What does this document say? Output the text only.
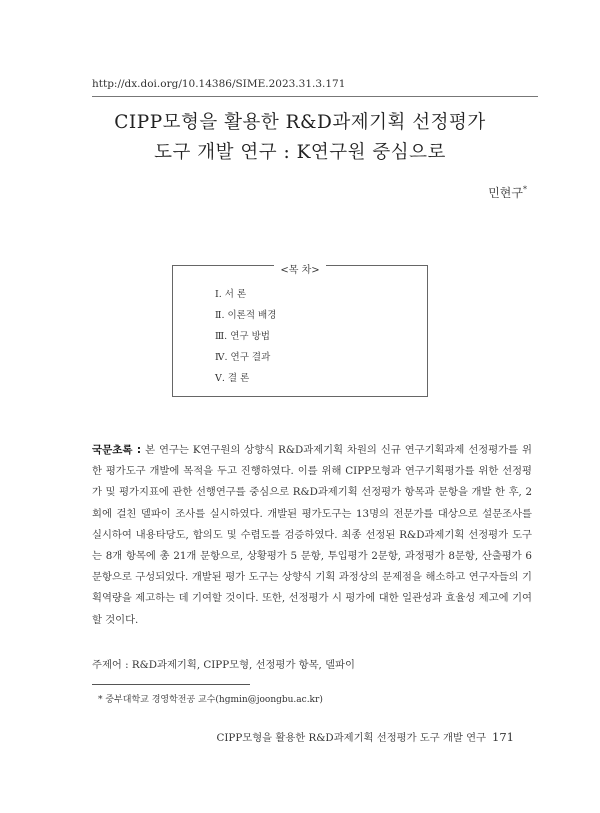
http://dx.doi.org/10.14386/SIME.2023.31.3.171
CIPP모형을 활용한 R&D과제기획 선정평가
도구 개발 연구 : K연구원 중심으로
민현구*
<목 차>
Ⅰ. 서 론
Ⅱ. 이론적 배경
Ⅲ. 연구 방법
Ⅳ. 연구 결과
Ⅴ. 결 론
국문초록 : 본 연구는 K연구원의 상향식 R&D과제기획 차원의 신규 연구기획과제 선정평가를 위한 평가도구 개발에 목적을 두고 진행하였다. 이를 위해 CIPP모형과 연구기획평가를 위한 선정평가 및 평가지표에 관한 선행연구를 중심으로 R&D과제기획 선정평가 항목과 문항을 개발 한 후, 2회에 걸친 델파이 조사를 실시하였다. 개발된 평가도구는 13명의 전문가를 대상으로 설문조사를 실시하여 내용타당도, 합의도 및 수렴도를 검증하였다. 최종 선정된 R&D과제기획 선정평가 도구는 8개 항목에 총 21개 문항으로, 상황평가 5 문항, 투입평가 2문항, 과정평가 8문항, 산출평가 6문항으로 구성되었다. 개발된 평가 도구는 상향식 기획 과정상의 문제점을 해소하고 연구자들의 기획역량을 제고하는 데 기여할 것이다. 또한, 선정평가 시 평가에 대한 일관성과 효율성 제고에 기여할 것이다.
주제어 : R&D과제기획, CIPP모형, 선정평가 항목, 델파이
* 중부대학교 경영학전공 교수(hgmin@joongbu.ac.kr)
CIPP모형을 활용한 R&D과제기획 선정평가 도구 개발 연구 171
